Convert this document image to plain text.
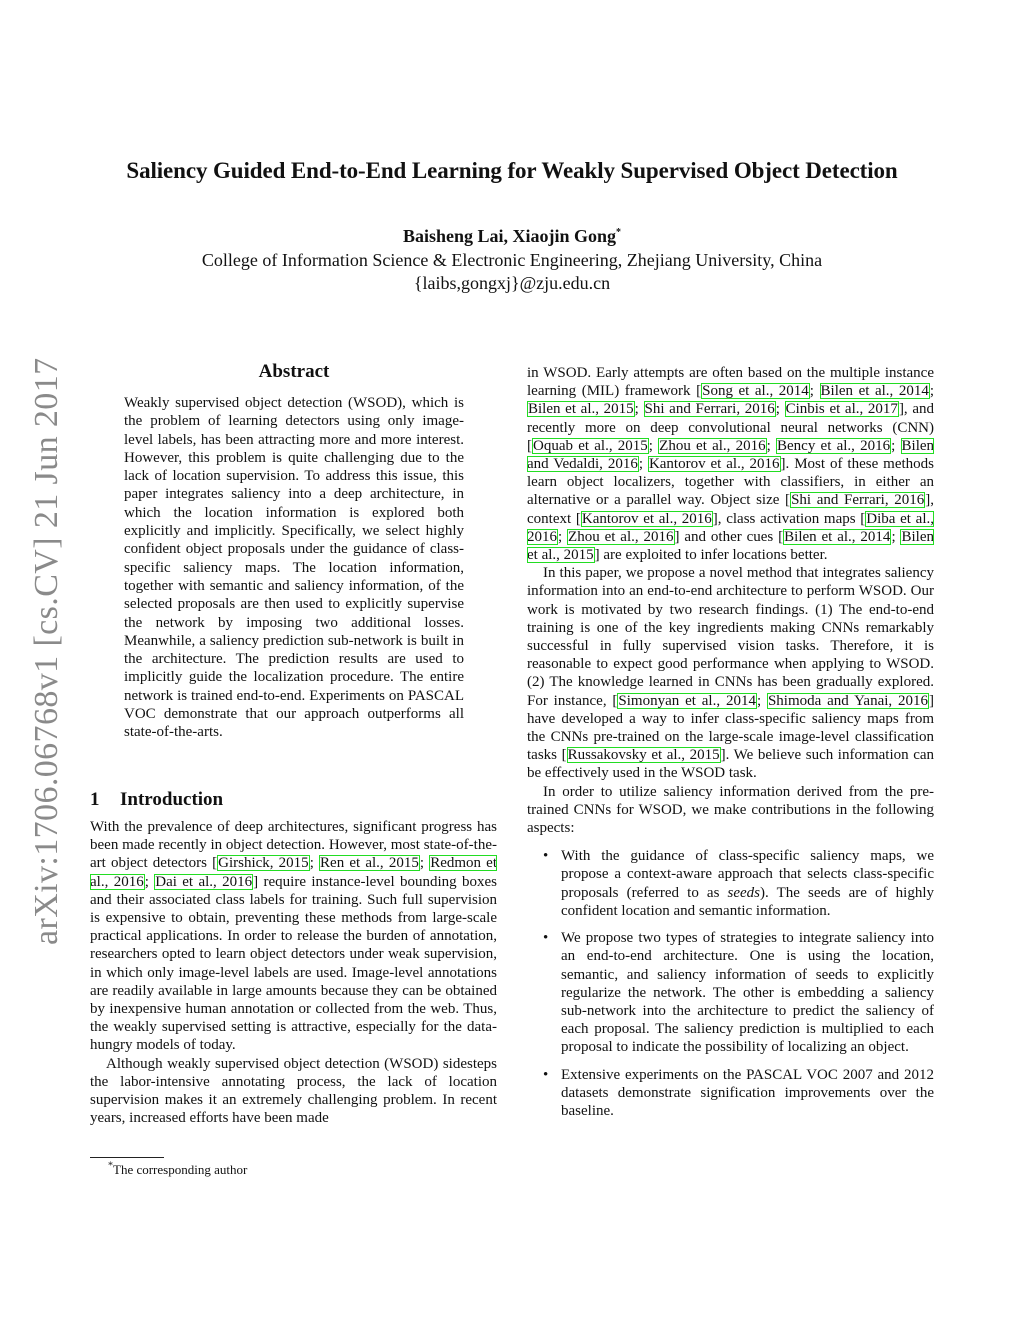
Saliency Guided End-to-End Learning for Weakly Supervised Object Detection
Baisheng Lai, Xiaojin Gong*
College of Information Science & Electronic Engineering, Zhejiang University, China
{laibs,gongxj}@zju.edu.cn
arXiv:1706.06768v1 [cs.CV] 21 Jun 2017	Abstract
Weakly supervised object detection (WSOD), which is the problem of learning detectors using only image-level labels, has been attracting more and more interest. However, this problem is quite challenging due to the lack of location supervision. To address this issue, this paper integrates saliency into a deep architecture, in which the location information is explored both explicitly and implicitly. Specifically, we select highly confident object proposals under the guidance of class-specific saliency maps. The location information, together with semantic and saliency information, of the selected proposals are then used to explicitly supervise the network by imposing two additional losses. Meanwhile, a saliency prediction sub-network is built in the architecture. The prediction results are used to implicitly guide the localization procedure. The entire network is trained end-to-end. Experiments on PASCAL VOC demonstrate that our approach outperforms all state-of-the-arts.
1 Introduction

With the prevalence of deep architectures, significant progress has been made recently in object detection. However, most state-of-the-art object detectors [Girshick, 2015; Ren et al., 2015; Redmon et al., 2016; Dai et al., 2016] require instance-level bounding boxes and their associated class labels for training. Such full supervision is expensive to obtain, preventing these methods from large-scale practical applications. In order to release the burden of annotation, researchers opted to learn object detectors under weak supervision, in which only image-level labels are used. Image-level annotations are readily available in large amounts because they can be obtained by inexpensive human annotation or collected from the web. Thus, the weakly supervised setting is attractive, especially for the data-hungry models of today.

Although weakly supervised object detection (WSOD) sidesteps the labor-intensive annotating process, the lack of location supervision makes it an extremely challenging problem. In recent years, increased efforts have been made

*The corresponding author

in WSOD. Early attempts are often based on the multiple instance learning (MIL) framework [Song et al., 2014; Bilen et al., 2014; Bilen et al., 2015; Shi and Ferrari, 2016; Cinbis et al., 2017], and recently more on deep convolutional neural networks (CNN) [Oquab et al., 2015; Zhou et al., 2016; Bency et al., 2016; Bilen and Vedaldi, 2016; Kantorov et al., 2016]. Most of these methods learn object localizers, together with classifiers, in either an alternative or a parallel way. Object size [Shi and Ferrari, 2016], context [Kantorov et al., 2016], class activation maps [Diba et al., 2016; Zhou et al., 2016] and other cues [Bilen et al., 2014; Bilen et al., 2015] are exploited to infer locations better.

In this paper, we propose a novel method that integrates saliency information into an end-to-end architecture to perform WSOD. Our work is motivated by two research findings. (1) The end-to-end training is one of the key ingredients making CNNs remarkably successful in fully supervised vision tasks. Therefore, it is reasonable to expect good performance when applying to WSOD. (2) The knowledge learned in CNNs has been gradually explored. For instance, [Simonyan et al., 2014; Shimoda and Yanai, 2016] have developed a way to infer class-specific saliency maps from the CNNs pre-trained on the large-scale image-level classification tasks [Russakovsky et al., 2015]. We believe such information can be effectively used in the WSOD task.

In order to utilize saliency information derived from the pre-trained CNNs for WSOD, we make contributions in the following aspects:

• With the guidance of class-specific saliency maps, we propose a context-aware approach that selects class-specific proposals (referred to as seeds). The seeds are of highly confident location and semantic information.
• We propose two types of strategies to integrate saliency into an end-to-end architecture. One is using the location, semantic, and saliency information of seeds to explicitly regularize the network. The other is embedding a saliency sub-network into the architecture to predict the saliency of each proposal. The saliency prediction is multiplied to each proposal to indicate the possibility of localizing an object.
• Extensive experiments on the PASCAL VOC 2007 and 2012 datasets demonstrate signification improvements over the baseline.
